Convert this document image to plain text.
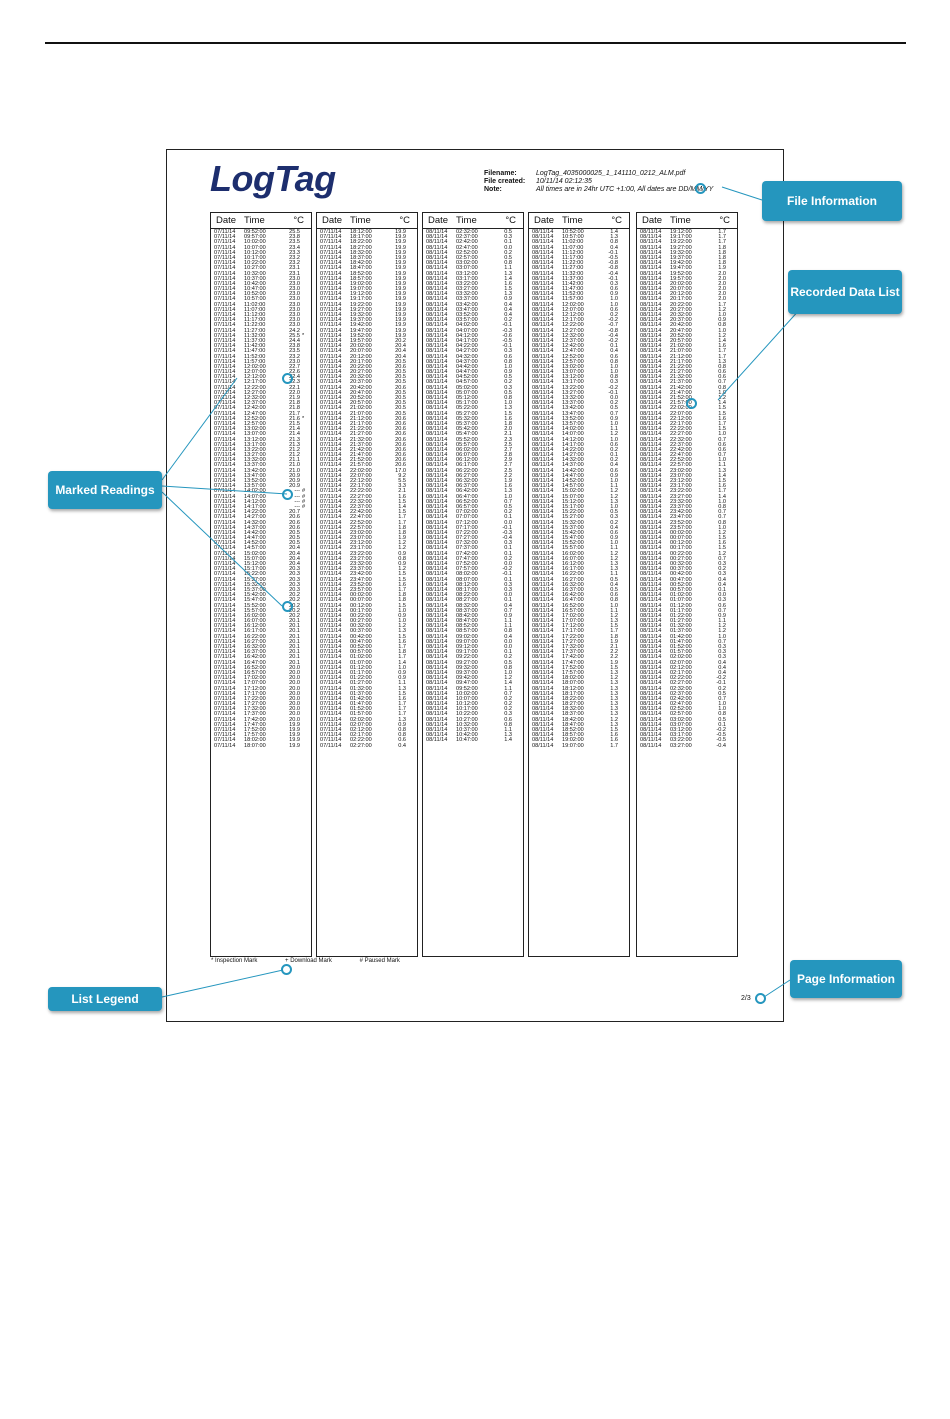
LogTag	Filename:	LogTag_4035000025_1_141110_0212_ALM.pdf
File created: 10/11/14 02:12:35
Note:	All times are in 24hr UTC +1:00, All dates are DD/MM/YY
Date Time	°C
07/11/14	09:52:00	25.5
07/11/14	09:57:00	23.8
07/11/14	10:02:00	23.5
07/11/14	10:07:00	23.4
07/11/14	10:12:00	23.3
07/11/14	10:17:00	23.2
07/11/14	10:22:00	23.2
07/11/14	10:27:00	23.1
07/11/14	10:32:00	23.1
07/11/14	10:37:00	23.0
07/11/14	10:42:00	23.0
07/11/14	10:47:00	23.0
07/11/14	10:52:00	23.0
07/11/14	10:57:00	23.0
07/11/14	11:02:00	23.0
07/11/14	11:07:00	23.0
07/11/14	11:12:00	23.0
07/11/14	11:17:00	23.0
07/11/14	11:22:00	23.0
07/11/14	11:27:00	24.2
07/11/14	11:32:00	25.5 *
07/11/14	11:37:00	24.4
07/11/14	11:42:00	23.8
07/11/14	11:47:00	23.5
07/11/14	11:52:00	23.2
07/11/14	11:57:00	23.0
07/11/14	12:02:00	22.7
07/11/14	12:07:00	22.6
07/11/14	12:12:00	22.4
07/11/14	12:17:00	22.3
07/11/14	12:22:00	22.1
07/11/14	12:27:00	22.0
07/11/14	12:32:00	21.9
07/11/14	12:37:00	21.8
07/11/14	12:42:00	21.8
07/11/14	12:47:00	21.7
07/11/14	12:52:00	21.6 *
07/11/14	12:57:00	21.5
07/11/14	13:02:00	21.4
07/11/14	13:07:00	21.4
07/11/14	13:12:00	21.3
07/11/14	13:17:00	21.3
07/11/14	13:22:00	21.2
07/11/14	13:27:00	21.2
07/11/14	13:32:00	21.1
07/11/14	13:37:00	21.0
07/11/14	13:42:00	21.0
07/11/14	13:47:00	20.9
07/11/14	13:52:00	20.9
07/11/14	13:57:00	20.9
07/11/14	14:02:00	--- #
07/11/14	14:07:00	--- #
07/11/14	14:12:00	--- #
07/11/14	14:17:00	--- #
07/11/14	14:22:00	20.7
07/11/14	14:27:00	20.6
07/11/14	14:32:00	20.6
07/11/14	14:37:00	20.6
07/11/14	14:42:00	20.5
07/11/14	14:47:00	20.5
07/11/14	14:52:00	20.5
07/11/14	14:57:00	20.4
07/11/14	15:02:00	20.4
07/11/14	15:07:00	20.4
07/11/14	15:12:00	20.4
07/11/14	15:17:00	20.3
07/11/14	15:22:00	20.3
07/11/14	15:27:00	20.3
07/11/14	15:32:00	20.3
07/11/14	15:37:00	20.3
07/11/14	15:42:00	20.2
07/11/14	15:47:00	20.2
07/11/14	15:52:00	20.2
07/11/14	15:57:00	20.2
07/11/14	16:02:00	20.2
07/11/14	16:07:00	20.1
07/11/14	16:12:00	20.1
07/11/14	16:17:00	20.1
07/11/14	16:22:00	20.1
07/11/14	16:27:00	20.1
07/11/14	16:32:00	20.1
07/11/14	16:37:00	20.1
07/11/14	16:42:00	20.1
07/11/14	16:47:00	20.1
07/11/14	16:52:00	20.0
07/11/14	16:57:00	20.0
07/11/14	17:02:00	20.0
07/11/14	17:07:00	20.0
07/11/14	17:12:00	20.0
07/11/14	17:17:00	20.0
07/11/14	17:22:00	20.0
07/11/14	17:27:00	20.0
07/11/14	17:32:00	20.0
07/11/14	17:37:00	20.0
07/11/14	17:42:00	20.0
07/11/14	17:47:00	19.9
07/11/14	17:52:00	19.9
07/11/14	17:57:00	19.9
07/11/14	18:02:00	19.9
07/11/14	18:07:00	19.9
Date Time	°C
07/11/14	18:12:00	19.9
07/11/14	18:17:00	19.9
07/11/14	18:22:00	19.9
07/11/14	18:27:00	19.9
07/11/14	18:32:00	19.9
07/11/14	18:37:00	19.9
07/11/14	18:42:00	19.9
07/11/14	18:47:00	19.9
07/11/14	18:52:00	19.9
07/11/14	18:57:00	19.9
07/11/14	19:02:00	19.9
07/11/14	19:07:00	19.9
07/11/14	19:12:00	19.9
07/11/14	19:17:00	19.9
07/11/14	19:22:00	19.9
07/11/14	19:27:00	19.9
07/11/14	19:32:00	19.9
07/11/14	19:37:00	19.9
07/11/14	19:42:00	19.9
07/11/14	19:47:00	19.9
07/11/14	19:52:00	19.9
07/11/14	19:57:00	20.2
07/11/14	20:02:00	20.4
07/11/14	20:07:00	20.4
07/11/14	20:12:00	20.4
07/11/14	20:17:00	20.5
07/11/14	20:22:00	20.6
07/11/14	20:27:00	20.5
07/11/14	20:32:00	20.5
07/11/14	20:37:00	20.5
07/11/14	20:42:00	20.6
07/11/14	20:47:00	20.5
07/11/14	20:52:00	20.5
07/11/14	20:57:00	20.5
07/11/14	21:02:00	20.5
07/11/14	21:07:00	20.5
07/11/14	21:12:00	20.6
07/11/14	21:17:00	20.6
07/11/14	21:22:00	20.6
07/11/14	21:27:00	20.6
07/11/14	21:32:00	20.6
07/11/14	21:37:00	20.6
07/11/14	21:42:00	20.6
07/11/14	21:47:00	20.6
07/11/14	21:52:00	20.6
07/11/14	21:57:00	20.6
07/11/14	22:02:00	17.0
07/11/14	22:07:00	9.2
07/11/14	22:12:00	5.5
07/11/14	22:17:00	3.3
07/11/14	22:22:00	2.1
07/11/14	22:27:00	1.6
07/11/14	22:32:00	1.5
07/11/14	22:37:00	1.4
07/11/14	22:42:00	1.5
07/11/14	22:47:00	1.7
07/11/14	22:52:00	1.7
07/11/14	22:57:00	1.8
07/11/14	23:02:00	1.8
07/11/14	23:07:00	1.9
07/11/14	23:12:00	1.2
07/11/14	23:17:00	1.2
07/11/14	23:22:00	0.9
07/11/14	23:27:00	0.8
07/11/14	23:32:00	0.9
07/11/14	23:37:00	1.2
07/11/14	23:42:00	1.5
07/11/14	23:47:00	1.5
07/11/14	23:52:00	1.6
07/11/14	23:57:00	1.7
07/11/14	00:02:00	1.8
07/11/14	00:07:00	1.8
07/11/14	00:12:00	1.5
07/11/14	00:17:00	1.0
07/11/14	00:22:00	0.9
07/11/14	00:27:00	1.0
07/11/14	00:32:00	1.2
07/11/14	00:37:00	1.3
07/11/14	00:42:00	1.5
07/11/14	00:47:00	1.6
07/11/14	00:52:00	1.7
07/11/14	00:57:00	1.8
07/11/14	01:02:00	1.7
07/11/14	01:07:00	1.4
07/11/14	01:12:00	1.0
07/11/14	01:17:00	0.9
07/11/14	01:22:00	0.9
07/11/14	01:27:00	1.1
07/11/14	01:32:00	1.3
07/11/14	01:37:00	1.5
07/11/14	01:42:00	1.6
07/11/14	01:47:00	1.7
07/11/14	01:52:00	1.7
07/11/14	01:57:00	1.7
07/11/14	02:02:00	1.3
07/11/14	02:07:00	0.9
07/11/14	02:12:00	0.8
07/11/14	02:17:00	0.8
07/11/14	02:22:00	0.6
07/11/14	02:27:00	0.4
Date Time	°C
08/11/14	02:32:00	0.5
08/11/14	02:37:00	0.3
08/11/14	02:42:00	0.1
08/11/14	02:47:00	0.0
08/11/14	02:52:00	0.2
08/11/14	02:57:00	0.5
08/11/14	03:02:00	0.8
08/11/14	03:07:00	1.1
08/11/14	03:12:00	1.3
08/11/14	03:17:00	1.4
08/11/14	03:22:00	1.6
08/11/14	03:27:00	1.5
08/11/14	03:32:00	1.3
08/11/14	03:37:00	0.9
08/11/14	03:42:00	0.4
08/11/14	03:47:00	0.4
08/11/14	03:52:00	0.4
08/11/14	03:57:00	0.2
08/11/14	04:02:00	-0.1
08/11/14	04:07:00	-0.3
08/11/14	04:12:00	-0.6
08/11/14	04:17:00	-0.5
08/11/14	04:22:00	-0.1
08/11/14	04:27:00	0.3
08/11/14	04:32:00	0.6
08/11/14	04:37:00	0.8
08/11/14	04:42:00	1.0
08/11/14	04:47:00	0.9
08/11/14	04:52:00	0.5
08/11/14	04:57:00	0.2
08/11/14	05:02:00	0.3
08/11/14	05:07:00	0.5
08/11/14	05:12:00	0.8
08/11/14	05:17:00	1.0
08/11/14	05:22:00	1.3
08/11/14	05:27:00	1.5
08/11/14	05:32:00	1.6
08/11/14	05:37:00	1.8
08/11/14	05:42:00	2.0
08/11/14	05:47:00	2.1
08/11/14	05:52:00	2.3
08/11/14	05:57:00	2.5
08/11/14	06:02:00	2.7
08/11/14	06:07:00	2.8
08/11/14	06:12:00	2.9
08/11/14	06:17:00	2.7
08/11/14	06:22:00	2.5
08/11/14	06:27:00	2.2
08/11/14	06:32:00	1.9
08/11/14	06:37:00	1.6
08/11/14	06:42:00	1.3
08/11/14	06:47:00	1.0
08/11/14	06:52:00	0.7
08/11/14	06:57:00	0.5
08/11/14	07:02:00	0.2
08/11/14	07:07:00	0.1
08/11/14	07:12:00	0.0
08/11/14	07:17:00	-0.1
08/11/14	07:22:00	-0.3
08/11/14	07:27:00	-0.4
08/11/14	07:32:00	0.3
08/11/14	07:37:00	0.1
08/11/14	07:42:00	0.1
08/11/14	07:47:00	0.2
08/11/14	07:52:00	0.0
08/11/14	07:57:00	-0.2
08/11/14	08:02:00	-0.1
08/11/14	08:07:00	0.1
08/11/14	08:12:00	0.3
08/11/14	08:17:00	0.3
08/11/14	08:22:00	0.0
08/11/14	08:27:00	0.1
08/11/14	08:32:00	0.4
08/11/14	08:37:00	0.7
08/11/14	08:42:00	0.9
08/11/14	08:47:00	1.1
08/11/14	08:52:00	1.1
08/11/14	08:57:00	0.8
08/11/14	09:02:00	0.4
08/11/14	09:07:00	0.0
08/11/14	09:12:00	0.0
08/11/14	09:17:00	0.1
08/11/14	09:22:00	0.2
08/11/14	09:27:00	0.5
08/11/14	09:32:00	0.8
08/11/14	09:37:00	1.0
08/11/14	09:42:00	1.2
08/11/14	09:47:00	1.4
08/11/14	09:52:00	1.1
08/11/14	10:02:00	0.7
08/11/14	10:07:00	0.2
08/11/14	10:12:00	0.2
08/11/14	10:17:00	0.2
08/11/14	10:22:00	0.3
08/11/14	10:27:00	0.6
08/11/14	10:32:00	0.8
08/11/14	10:37:00	1.1
08/11/14	10:42:00	1.3
08/11/14	10:47:00	1.4
Date Time	°C
08/11/14	10:52:00	1.4
08/11/14	10:57:00	1.3
08/11/14	11:02:00	0.8
08/11/14	11:07:00	0.4
08/11/14	11:12:00	-0.1
08/11/14	11:17:00	-0.5
08/11/14	11:22:00	-0.8
08/11/14	11:27:00	-0.8
08/11/14	11:32:00	-0.4
08/11/14	11:37:00	-0.1
08/11/14	11:42:00	0.3
08/11/14	11:47:00	0.6
08/11/14	11:52:00	0.9
08/11/14	11:57:00	1.0
08/11/14	12:02:00	1.0
08/11/14	12:07:00	0.6
08/11/14	12:12:00	0.2
08/11/14	12:17:00	-0.2
08/11/14	12:22:00	-0.7
08/11/14	12:27:00	-0.8
08/11/14	12:32:00	-0.4
08/11/14	12:37:00	-0.2
08/11/14	12:42:00	0.1
08/11/14	12:47:00	0.4
08/11/14	12:52:00	0.6
08/11/14	12:57:00	0.8
08/11/14	13:02:00	1.0
08/11/14	13:07:00	1.0
08/11/14	13:12:00	0.8
08/11/14	13:17:00	0.3
08/11/14	13:22:00	-0.2
08/11/14	13:27:00	-0.1
08/11/14	13:32:00	0.0
08/11/14	13:37:00	0.2
08/11/14	13:42:00	0.5
08/11/14	13:47:00	0.7
08/11/14	13:52:00	0.9
08/11/14	13:57:00	1.0
08/11/14	14:02:00	1.1
08/11/14	14:07:00	1.2
08/11/14	14:12:00	1.0
08/11/14	14:17:00	0.6
08/11/14	14:22:00	0.2
08/11/14	14:27:00	0.1
08/11/14	14:32:00	0.2
08/11/14	14:37:00	0.4
08/11/14	14:42:00	0.6
08/11/14	14:47:00	0.9
08/11/14	14:52:00	1.0
08/11/14	14:57:00	1.1
08/11/14	15:02:00	1.2
08/11/14	15:07:00	1.2
08/11/14	15:12:00	1.3
08/11/14	15:17:00	1.0
08/11/14	15:22:00	0.5
08/11/14	15:27:00	0.3
08/11/14	15:32:00	0.2
08/11/14	15:37:00	0.4
08/11/14	15:42:00	0.6
08/11/14	15:47:00	0.9
08/11/14	15:52:00	1.0
08/11/14	15:57:00	1.1
08/11/14	16:02:00	1.2
08/11/14	16:07:00	1.2
08/11/14	16:12:00	1.3
08/11/14	16:17:00	1.3
08/11/14	16:22:00	1.1
08/11/14	16:27:00	0.5
08/11/14	16:32:00	0.4
08/11/14	16:37:00	0.5
08/11/14	16:42:00	0.6
08/11/14	16:47:00	0.8
08/11/14	16:52:00	1.0
08/11/14	16:57:00	1.1
08/11/14	17:02:00	1.2
08/11/14	17:07:00	1.3
08/11/14	17:12:00	1.5
08/11/14	17:17:00	1.7
08/11/14	17:22:00	1.8
08/11/14	17:27:00	1.9
08/11/14	17:32:00	2.1
08/11/14	17:37:00	2.2
08/11/14	17:42:00	2.2
08/11/14	17:47:00	1.9
08/11/14	17:52:00	1.5
08/11/14	17:57:00	1.3
08/11/14	18:02:00	1.2
08/11/14	18:07:00	1.3
08/11/14	18:12:00	1.3
08/11/14	18:17:00	1.3
08/11/14	18:22:00	1.3
08/11/14	18:27:00	1.3
08/11/14	18:32:00	1.3
08/11/14	18:37:00	1.3
08/11/14	18:42:00	1.2
08/11/14	18:47:00	1.3
08/11/14	18:52:00	1.5
08/11/14	18:57:00	1.6
08/11/14	19:02:00	1.6
08/11/14	19:07:00	1.7
Date Time	°C
08/11/14	19:12:00	1.7
08/11/14	19:17:00	1.7
08/11/14	19:22:00	1.7
08/11/14	19:27:00	1.8
08/11/14	19:32:00	1.8
08/11/14	19:37:00	1.8
08/11/14	19:42:00	1.8
08/11/14	19:47:00	1.9
08/11/14	19:52:00	2.0
08/11/14	19:57:00	2.0
08/11/14	20:02:00	2.0
08/11/14	20:07:00	2.0
08/11/14	20:12:00	2.0
08/11/14	20:17:00	2.0
08/11/14	20:22:00	1.7
08/11/14	20:27:00	1.2
08/11/14	20:32:00	1.0
08/11/14	20:37:00	0.9
08/11/14	20:42:00	0.8
08/11/14	20:47:00	1.0
08/11/14	20:52:00	1.2
08/11/14	20:57:00	1.4
08/11/14	21:02:00	1.6
08/11/14	21:07:00	1.7
08/11/14	21:12:00	1.7
08/11/14	21:17:00	1.3
08/11/14	21:22:00	0.8
08/11/14	21:27:00	0.6
08/11/14	21:32:00	0.6
08/11/14	21:37:00	0.7
08/11/14	21:42:00	0.8
08/11/14	21:47:00	1.0
08/11/14	21:52:00	1.2
08/11/14	21:57:00	1.4
08/11/14	22:02:00	1.5
08/11/14	22:07:00	1.5
08/11/14	22:12:00	1.6
08/11/14	22:17:00	1.7
08/11/14	22:22:00	1.5
08/11/14	22:27:00	1.0
08/11/14	22:32:00	0.7
08/11/14	22:37:00	0.6
08/11/14	22:42:00	0.6
08/11/14	22:47:00	0.7
08/11/14	22:52:00	1.0
08/11/14	22:57:00	1.1
08/11/14	23:02:00	1.3
08/11/14	23:07:00	1.4
08/11/14	23:12:00	1.5
08/11/14	23:17:00	1.6
08/11/14	23:22:00	1.7
08/11/14	23:27:00	1.4
08/11/14	23:32:00	1.0
08/11/14	23:37:00	0.8
08/11/14	23:42:00	0.7
08/11/14	23:47:00	0.7
08/11/14	23:52:00	0.8
08/11/14	23:57:00	1.0
08/11/14	00:02:00	1.2
08/11/14	00:07:00	1.5
08/11/14	00:12:00	1.6
08/11/14	00:17:00	1.5
08/11/14	00:22:00	1.2
08/11/14	00:27:00	0.7
08/11/14	00:32:00	0.3
08/11/14	00:37:00	0.2
08/11/14	00:42:00	0.3
08/11/14	00:47:00	0.4
08/11/14	00:52:00	0.4
08/11/14	00:57:00	0.1
08/11/14	01:02:00	0.0
08/11/14	01:07:00	0.3
08/11/14	01:12:00	0.6
08/11/14	01:17:00	0.7
08/11/14	01:22:00	0.9
08/11/14	01:27:00	1.1
08/11/14	01:32:00	1.2
08/11/14	01:37:00	1.2
08/11/14	01:42:00	1.0
08/11/14	01:47:00	0.7
08/11/14	01:52:00	0.3
08/11/14	01:57:00	0.3
08/11/14	02:02:00	0.3
08/11/14	02:07:00	0.4
08/11/14	02:12:00	0.4
08/11/14	02:17:00	0.4
08/11/14	02:22:00	-0.2
08/11/14	02:27:00	-0.1
08/11/14	02:32:00	0.2
08/11/14	02:37:00	0.5
08/11/14	02:42:00	0.7
08/11/14	02:47:00	1.0
08/11/14	02:52:00	1.0
08/11/14	02:57:00	0.8
08/11/14	03:02:00	0.5
08/11/14	03:07:00	0.1
08/11/14	03:12:00	-0.2
08/11/14	03:17:00	-0.5
08/11/14	03:22:00	-0.5
08/11/14	03:27:00	-0.4
* Inspection Mark	+ Download Mark	# Paused Mark
2/3
File Information
Recorded Data List
Marked Readings
List Legend
Page Information
